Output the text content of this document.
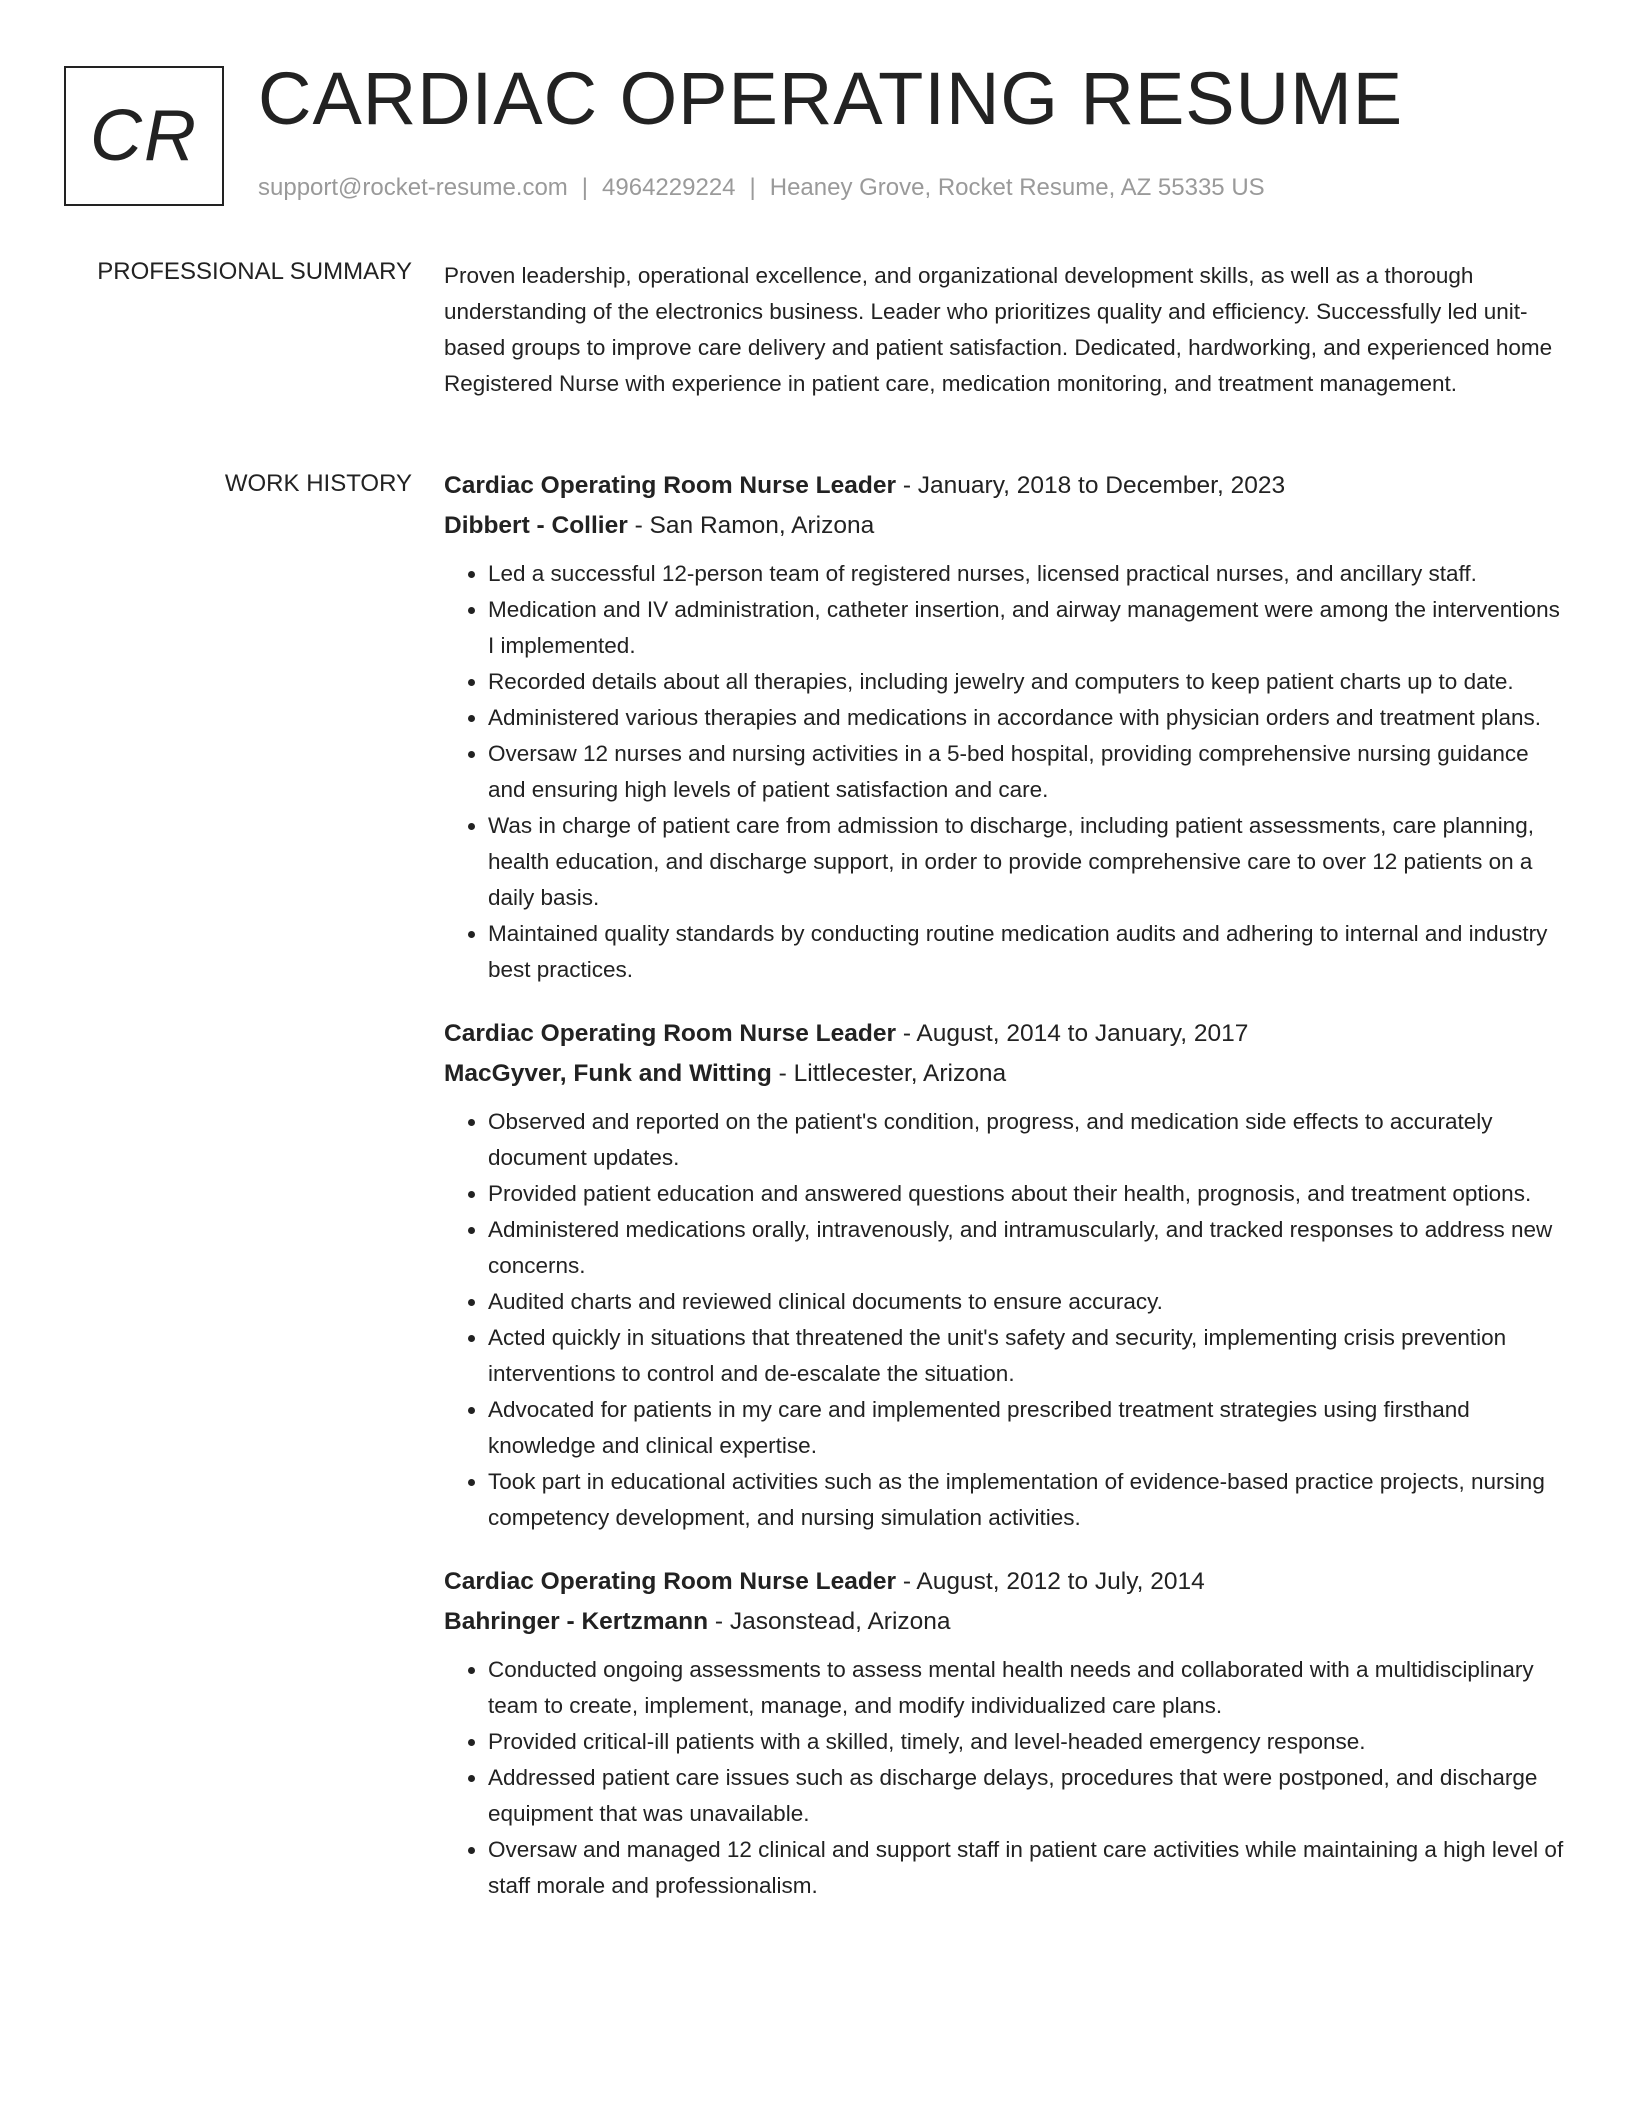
CR CARDIAC OPERATING RESUME
support@rocket-resume.com | 4964229224 | Heaney Grove, Rocket Resume, AZ 55335 US
PROFESSIONAL SUMMARY Proven leadership, operational excellence, and organizational development skills, as well as a thorough understanding of the electronics business. Leader who prioritizes quality and efficiency. Successfully led unit-based groups to improve care delivery and patient satisfaction. Dedicated, hardworking, and experienced home Registered Nurse with experience in patient care, medication monitoring, and treatment management.
WORK HISTORY Cardiac Operating Room Nurse Leader - January, 2018 to December, 2023
Dibbert - Collier - San Ramon, Arizona
• Led a successful 12-person team of registered nurses, licensed practical nurses, and ancillary staff.
• Medication and IV administration, catheter insertion, and airway management were among the interventions I implemented.
• Recorded details about all therapies, including jewelry and computers to keep patient charts up to date.
• Administered various therapies and medications in accordance with physician orders and treatment plans.
• Oversaw 12 nurses and nursing activities in a 5-bed hospital, providing comprehensive nursing guidance and ensuring high levels of patient satisfaction and care.
• Was in charge of patient care from admission to discharge, including patient assessments, care planning, health education, and discharge support, in order to provide comprehensive care to over 12 patients on a daily basis.
• Maintained quality standards by conducting routine medication audits and adhering to internal and industry best practices.
Cardiac Operating Room Nurse Leader - August, 2014 to January, 2017
MacGyver, Funk and Witting - Littlecester, Arizona
• Observed and reported on the patient's condition, progress, and medication side effects to accurately document updates.
• Provided patient education and answered questions about their health, prognosis, and treatment options.
• Administered medications orally, intravenously, and intramuscularly, and tracked responses to address new concerns.
• Audited charts and reviewed clinical documents to ensure accuracy.
• Acted quickly in situations that threatened the unit's safety and security, implementing crisis prevention interventions to control and de-escalate the situation.
• Advocated for patients in my care and implemented prescribed treatment strategies using firsthand knowledge and clinical expertise.
• Took part in educational activities such as the implementation of evidence-based practice projects, nursing competency development, and nursing simulation activities.
Cardiac Operating Room Nurse Leader - August, 2012 to July, 2014
Bahringer - Kertzmann - Jasonstead, Arizona
• Conducted ongoing assessments to assess mental health needs and collaborated with a multidisciplinary team to create, implement, manage, and modify individualized care plans.
• Provided critical-ill patients with a skilled, timely, and level-headed emergency response.
• Addressed patient care issues such as discharge delays, procedures that were postponed, and discharge equipment that was unavailable.
• Oversaw and managed 12 clinical and support staff in patient care activities while maintaining a high level of staff morale and professionalism.
